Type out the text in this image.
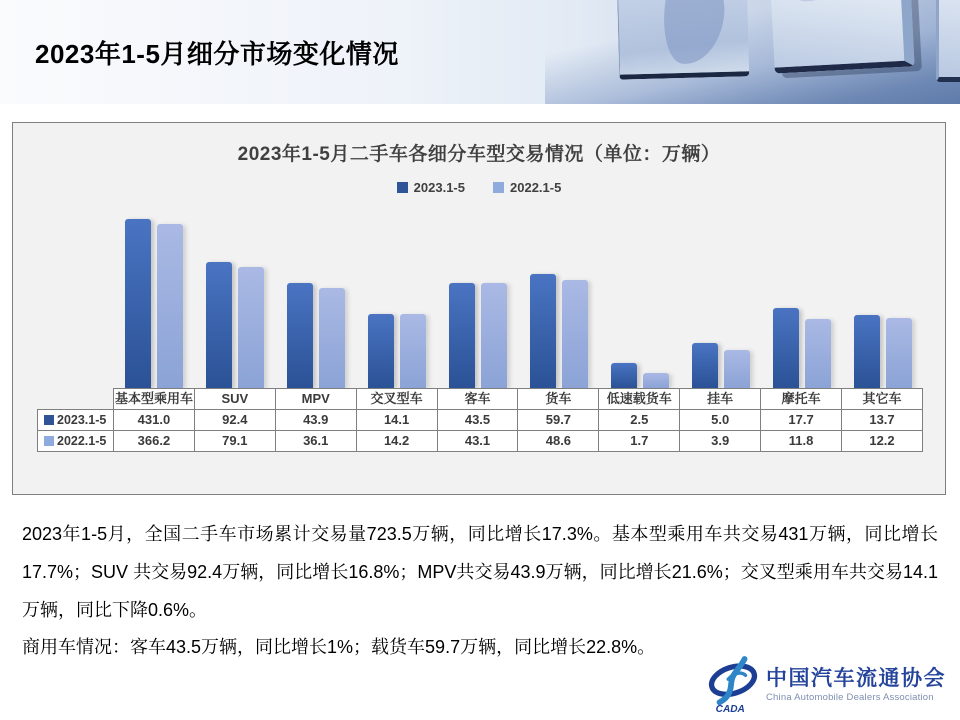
2023年1-5月细分市场变化情况
2023年1-5月二手车各细分车型交易情况（单位：万辆）
2023.1-5	2022.1-5
	基本型乘用车	SUV	MPV	交叉型车	客车	货车	低速载货车	挂车	摩托车	其它车
2023.1-5	431.0	92.4	43.9	14.1	43.5	59.7	2.5	5.0	17.7	13.7
2022.1-5	366.2	79.1	36.1	14.2	43.1	48.6	1.7	3.9	11.8	12.2

2023年1-5月，全国二手车市场累计交易量723.5万辆，同比增长17.3%。基本型乘用车共交易431万辆，同比增长17.7%；SUV 共交易92.4万辆，同比增长16.8%；MPV共交易43.9万辆，同比增长21.6%；交叉型乘用车共交易14.1万辆，同比下降0.6%。

商用车情况：客车43.5万辆，同比增长1%；载货车59.7万辆，同比增长22.8%。

CADA
中国汽车流通协会
China Automobile Dealers Association
